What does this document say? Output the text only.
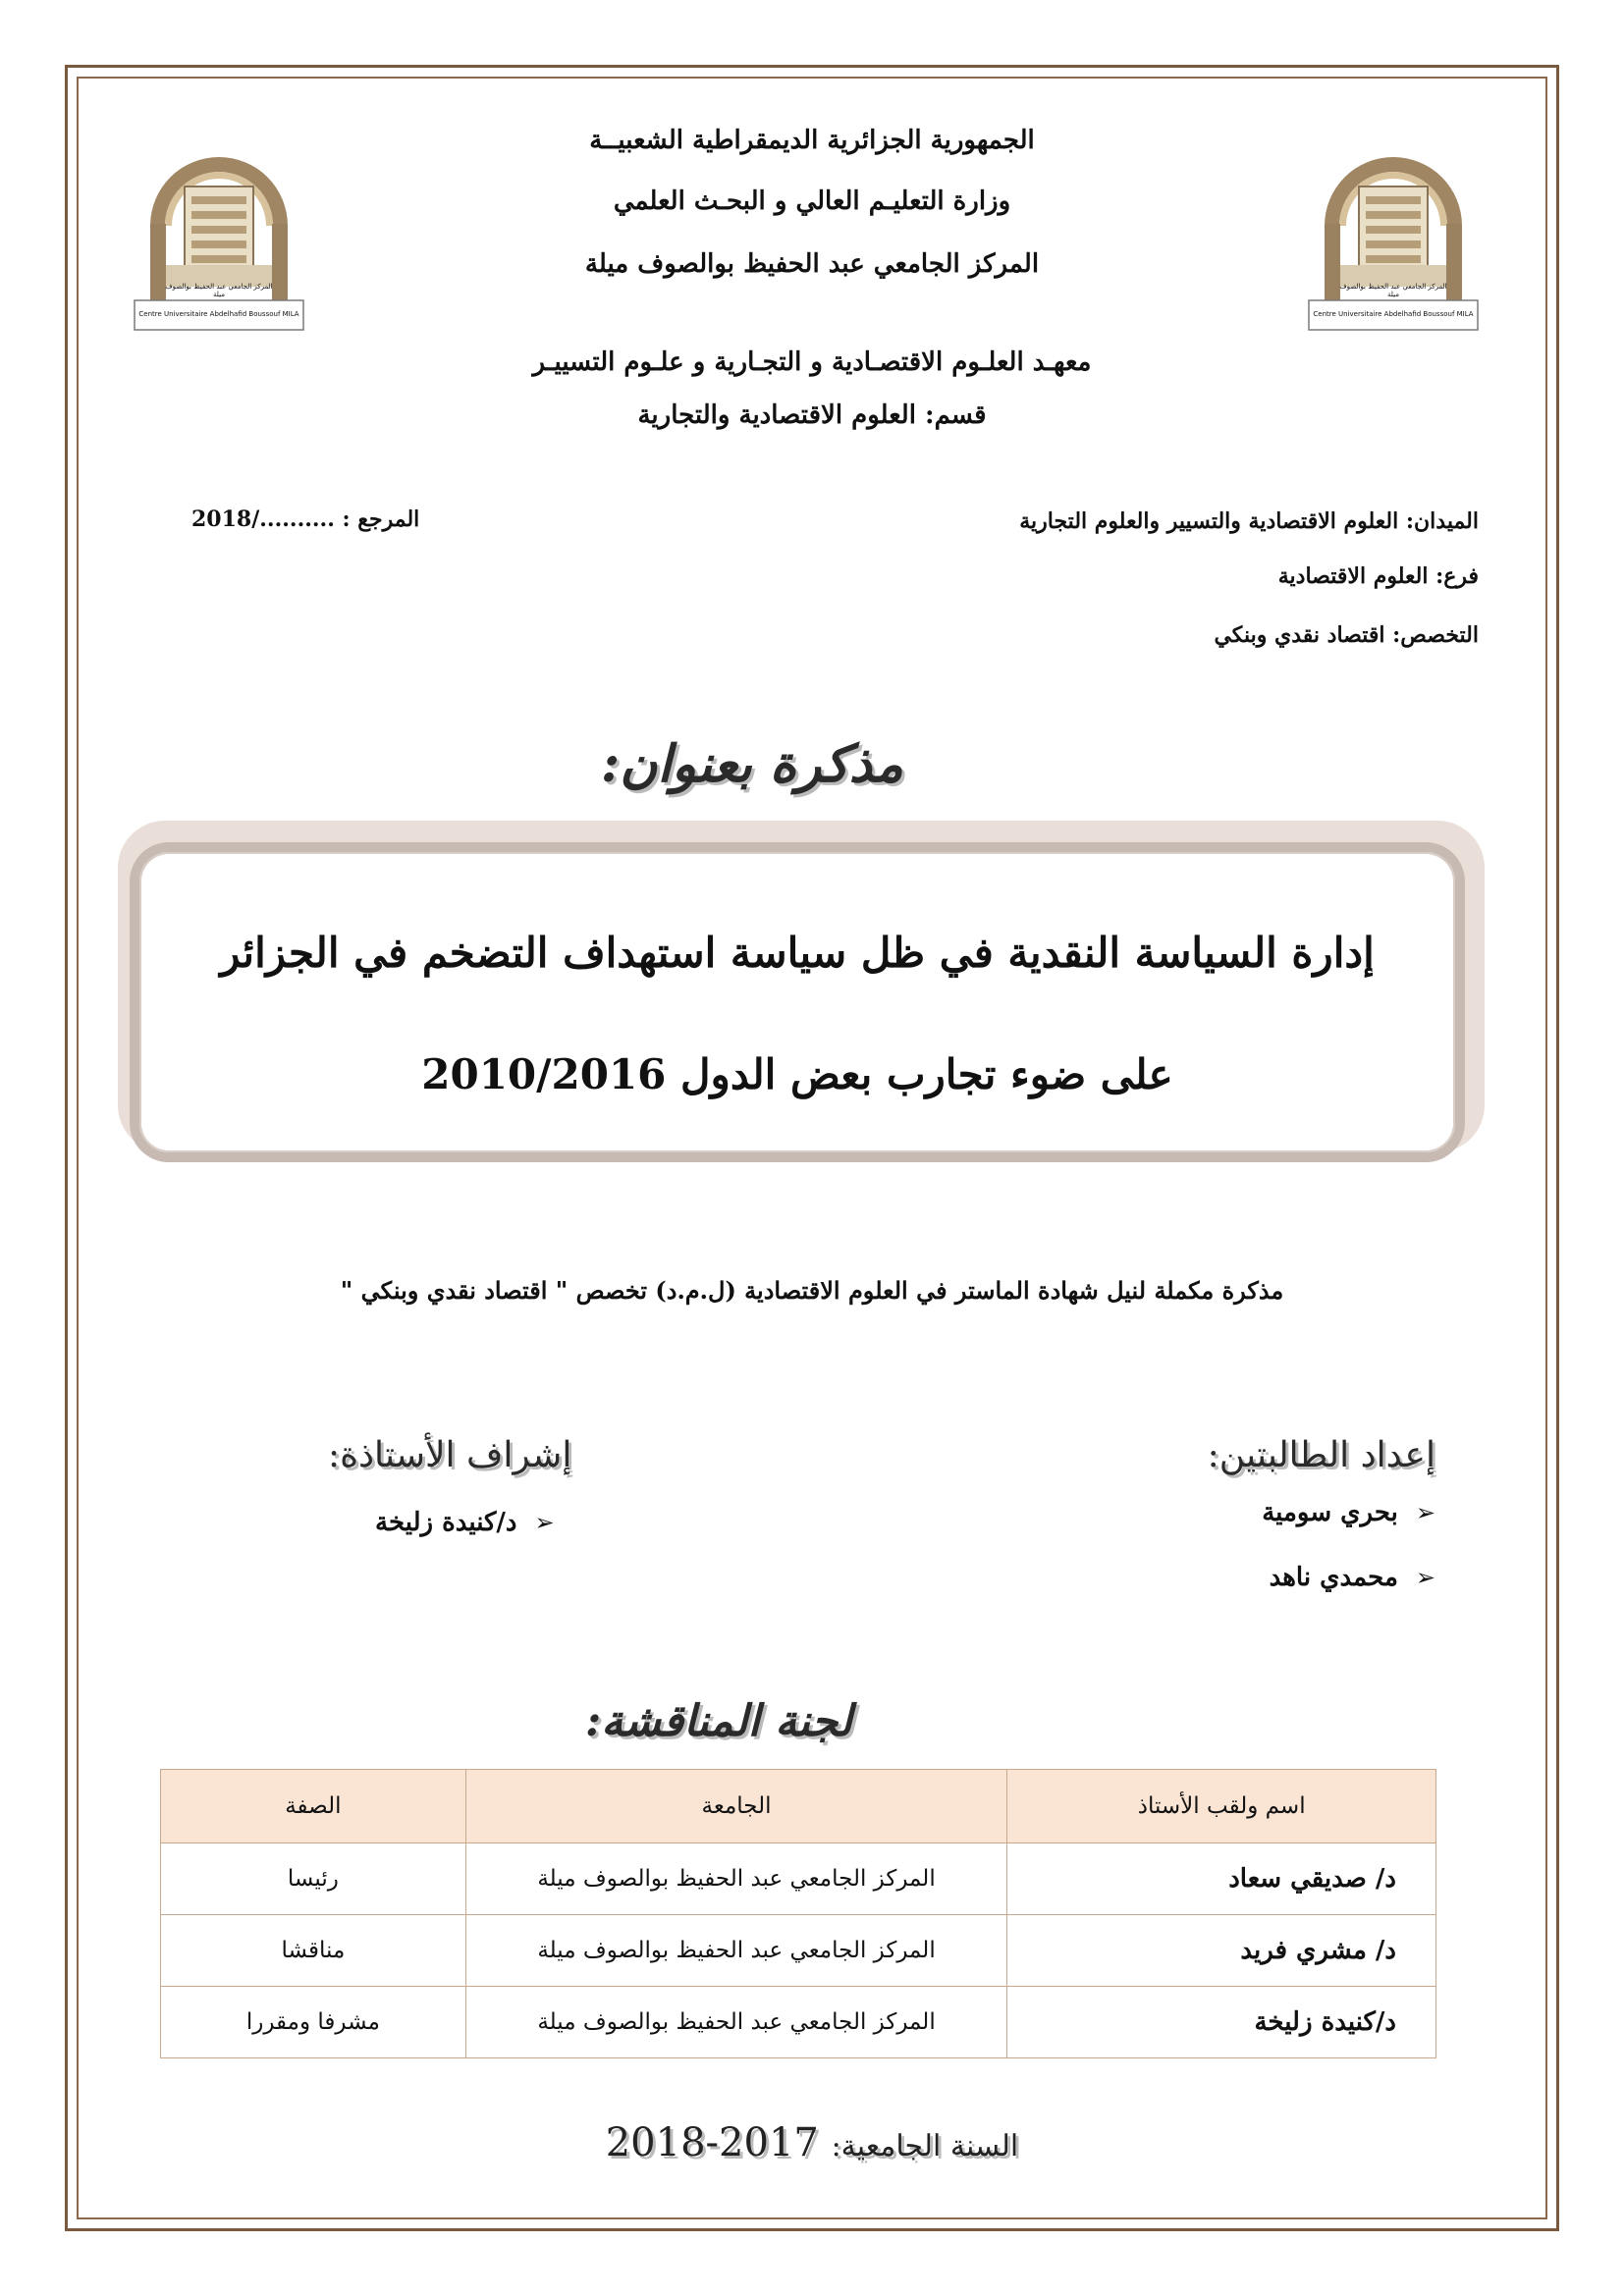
المركز الجامعي عبد الحفيظ بوالصوف ميلة
Centre Universitaire Abdelhafid Boussouf MILA
المركز الجامعي عبد الحفيظ بوالصوف ميلة
Centre Universitaire Abdelhafid Boussouf MILA
الجمهورية الجزائرية الديمقراطية الشعبيــة
وزارة التعليـم العالي و البحـث العلمي
المركز الجامعي عبد الحفيظ بوالصوف ميلة
معهـد العلـوم الاقتصـادية و التجـارية و علـوم التسييـر
قسم: العلوم الاقتصادية والتجارية
الميدان: العلوم الاقتصادية والتسيير والعلوم التجارية
المرجع : ........../2018
فرع: العلوم الاقتصادية
التخصص: اقتصاد نقدي وبنكي
مذكرة بعنوان:
إدارة السياسة النقدية في ظل سياسة استهداف التضخم في الجزائر
على ضوء تجارب بعض الدول 2010/2016
مذكرة مكملة لنيل شهادة الماستر في العلوم الاقتصادية (ل.م.د) تخصص " اقتصاد نقدي وبنكي "
إعداد الطالبتين:
➢بحري سومية
➢محمدي ناهد
إشراف الأستاذة:
➢د/كنيدة زليخة
لجنة المناقشة:
اسم ولقب الأستاذ	الجامعة	الصفة
د/ صديقي سعاد	المركز الجامعي عبد الحفيظ بوالصوف ميلة	رئيسا
د/ مشري فريد	المركز الجامعي عبد الحفيظ بوالصوف ميلة	مناقشا
د/كنيدة زليخة	المركز الجامعي عبد الحفيظ بوالصوف ميلة	مشرفا ومقررا
السنة الجامعية: 2017-2018
